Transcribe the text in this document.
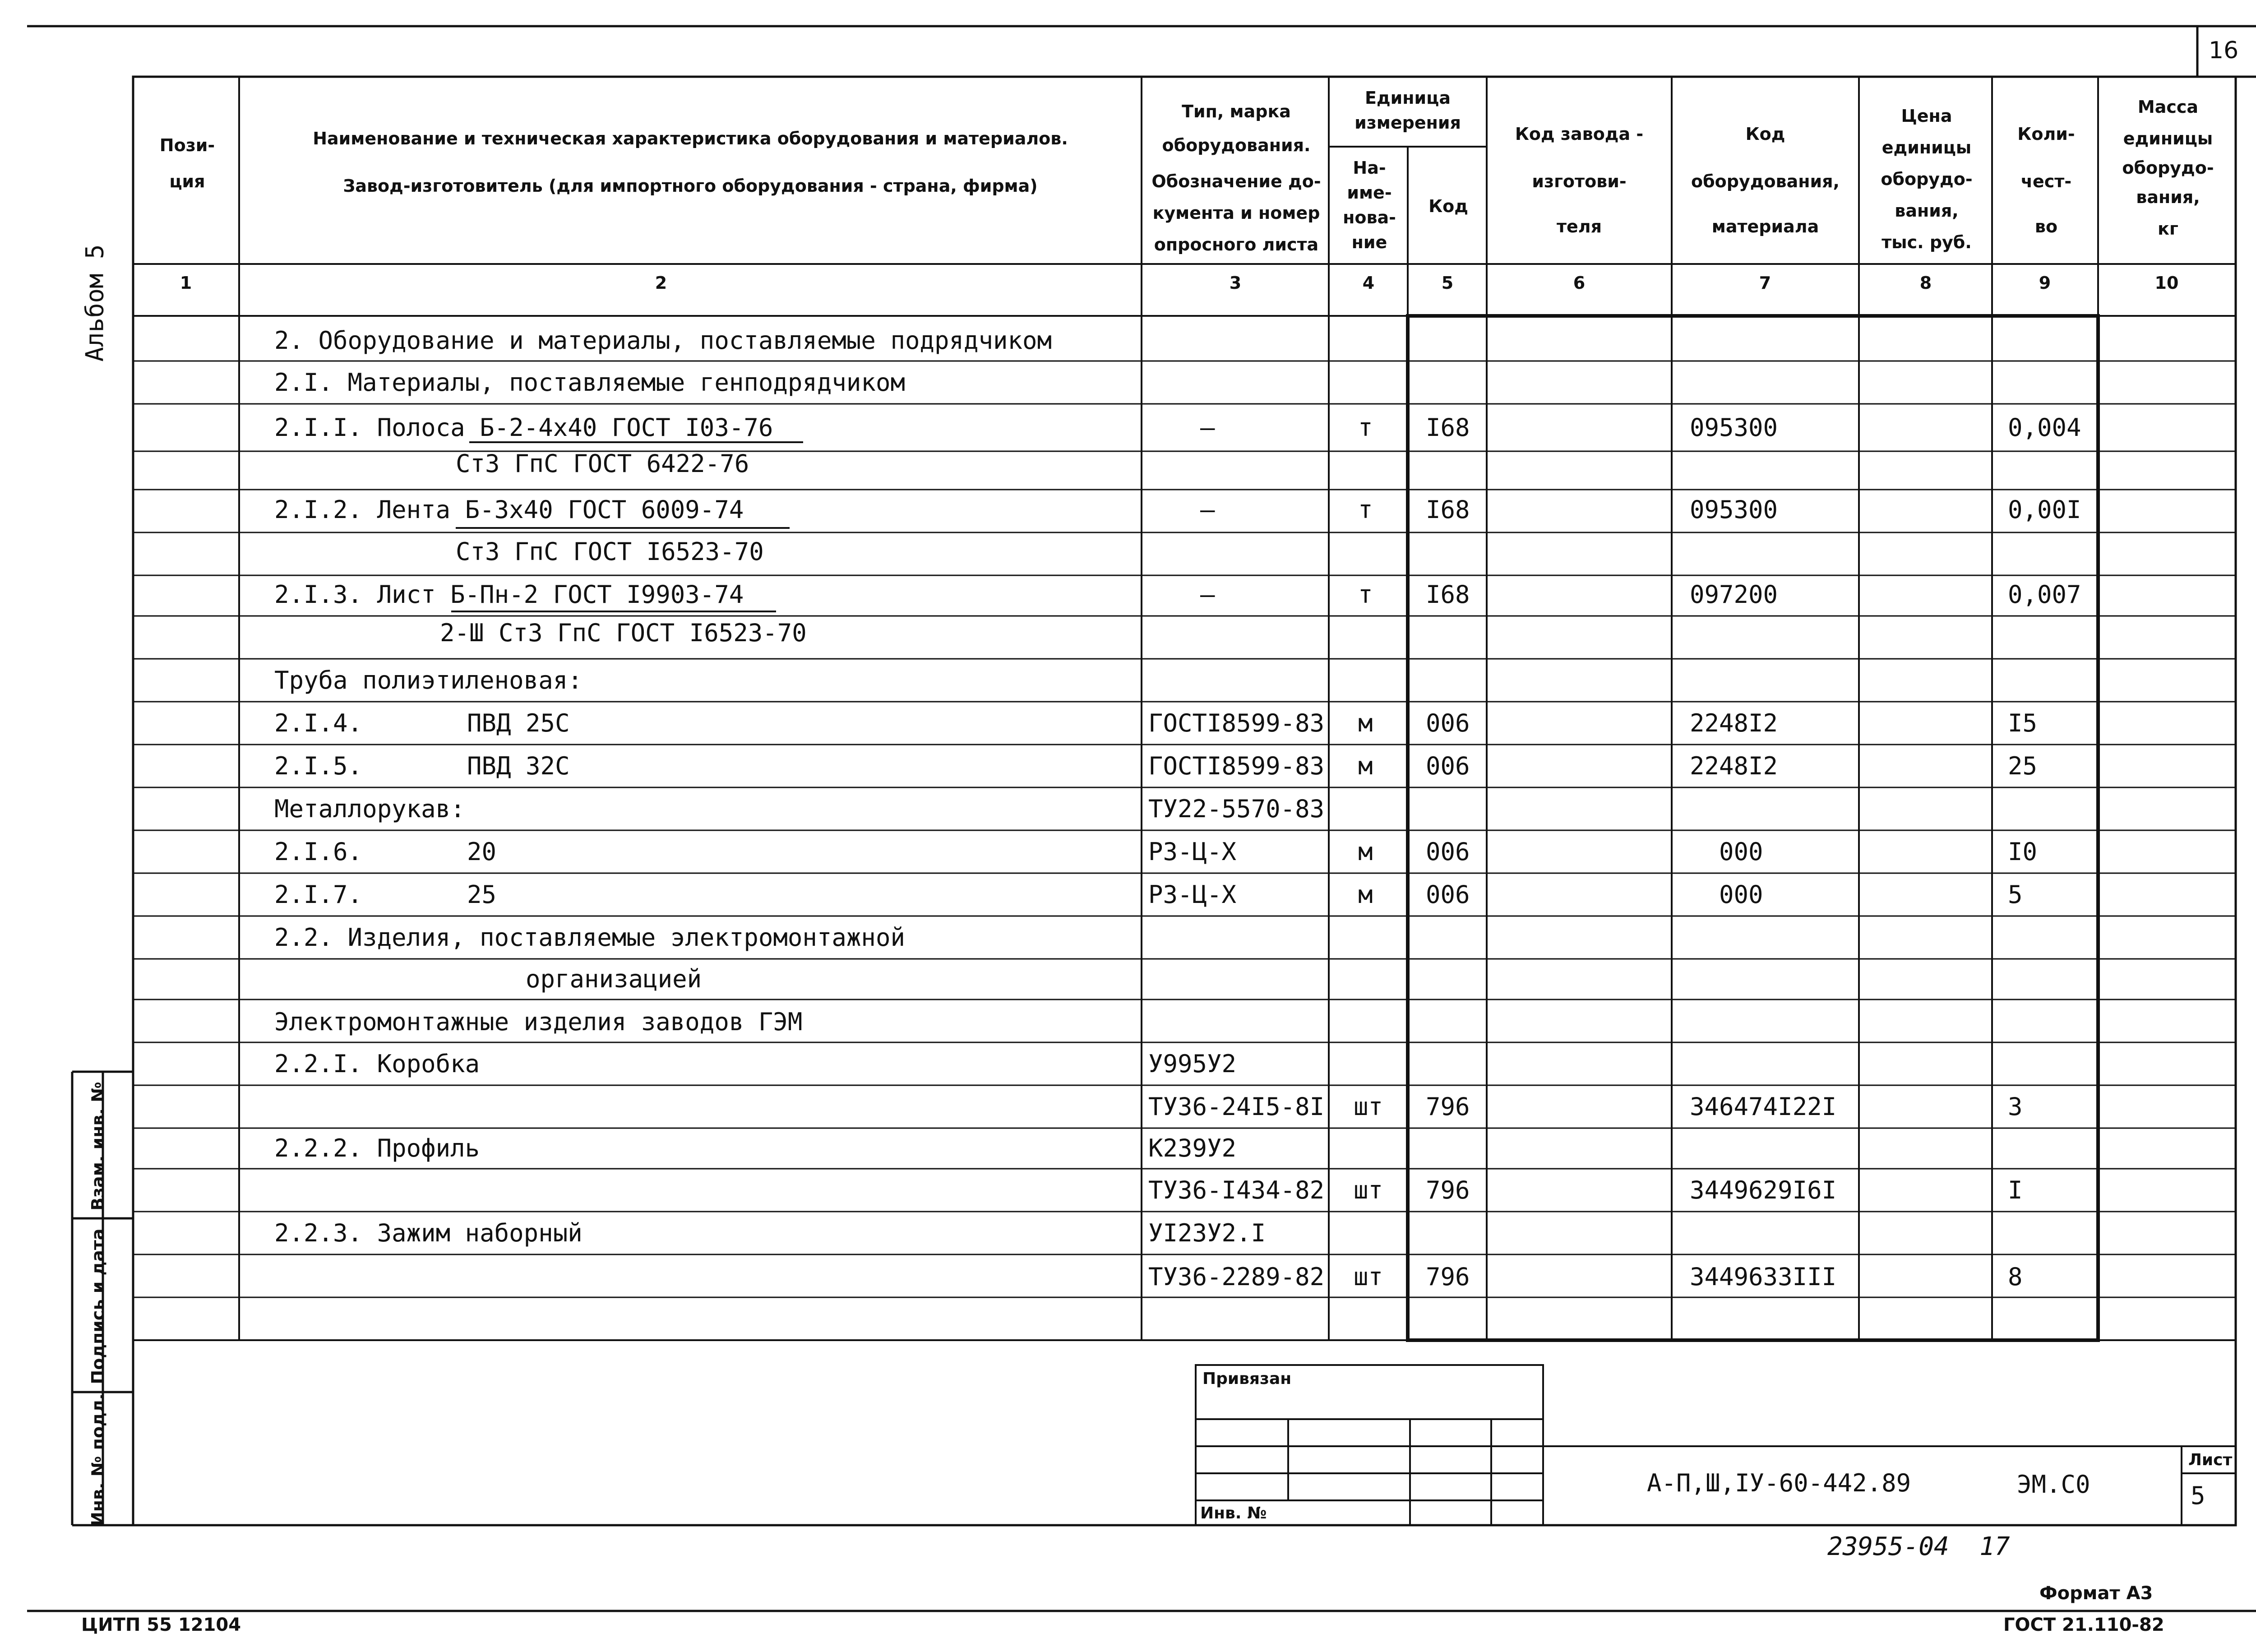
16
Альбом 5
Пози-
ция
Наименование и техническая характеристика оборудования и материалов.
Завод-изготовитель (для импортного оборудования - страна, фирма)
Тип, марка
оборудования.
Обозначение до-
кумента и номер
опросного листа
Единица
измерения
На-
име-
нова-
ние
Код
Код завода -
изготови-
теля
Код
оборудования,
материала
Цена
единицы
оборудо-
вания,
тыс. руб.
Коли-
чест-
во
Масса
единицы
оборудо-
вания,
кг
1	2	3	4	5	6	7	8	9	10
2. Оборудование и материалы, поставляемые подрядчиком
2.I. Материалы, поставляемые генподрядчиком
2.I.I. Полоса Б-2-4х40 ГОСТ I03-76	–	т I68	095300	0,004
Ст3 ГпС ГОСТ 6422-76
2.I.2. Лента Б-3х40 ГОСТ 6009-74	–	т I68	095300	0,00I
Ст3 ГпС ГОСТ I6523-70
2.I.3. Лист Б-Пн-2 ГОСТ I9903-74	–	т I68	097200	0,007
2-Ш Ст3 ГпС ГОСТ I6523-70
Труба полиэтиленовая:
2.I.4.	ПВД 25С	ГОСТI8599-83 м 006	2248I2	I5
2.I.5.	ПВД 32С	ГОСТI8599-83 м 006	2248I2	25
Металлорукав:	ТУ22-5570-83
2.I.6.	20	Р3-Ц-Х	м 006	000	I0
2.I.7.	25	Р3-Ц-Х	м 006	000	5
2.2. Изделия, поставляемые электромонтажной
организацией
Электромонтажные изделия заводов ГЭМ
2.2.I. Коробка	У995У2
ТУ36-24I5-8I шт 796	346474I22I	3
2.2.2. Профиль	К239У2
ТУ36-I434-82 шт 796	3449629I6I	I
2.2.3. Зажим наборный	УI23У2.I
ТУ36-2289-82 шт 796	3449633III	8
Взам. инв. №
Подпись и дата
Инв. № подл.
Привязан
Инв. №
А-П,Ш,IУ-60-442.89	ЭМ.С0
Лист
5
23955-04  17
Формат А3
ЦИТП 55 12104	ГОСТ 21.110-82
